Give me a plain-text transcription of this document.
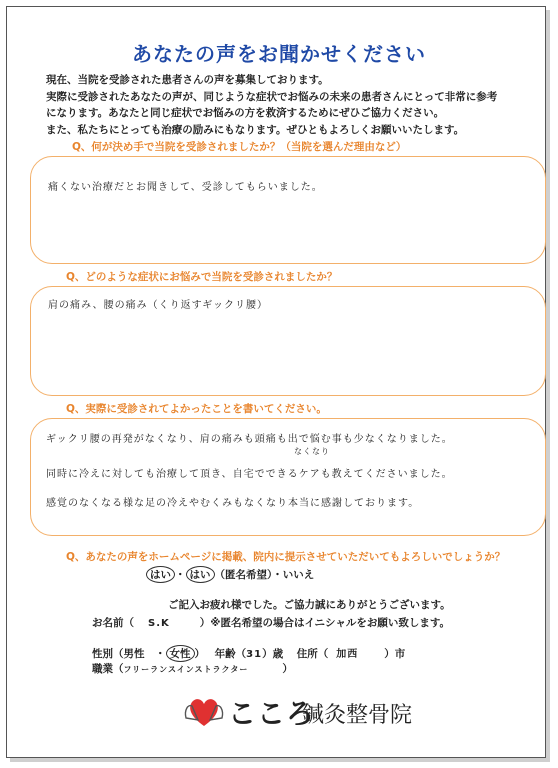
あなたの声をお聞かせください
現在、当院を受診された患者さんの声を募集しております。
実際に受診されたあなたの声が、同じような症状でお悩みの未来の患者さんにとって非常に参考
になります。あなたと同じ症状でお悩みの方を救済するためにぜひご協力ください。
また、私たちにとっても治療の励みにもなります。ぜひともよろしくお願いいたします。
Q、何が決め手で当院を受診されましたか？（当院を選んだ理由など）
痛くない治療だとお聞きして、受診してもらいました。
Q、どのような症状にお悩みで当院を受診されましたか？
肩の痛み、腰の痛み（くり返すギックリ腰）
Q、実際に受診されてよかったことを書いてください。
ギックリ腰の再発がなくなり、肩の痛みも頭痛も出で悩む事も少なくなりました。
なくなり
同時に冷えに対しても治療して頂き、自宅でできるケアも教えてくださいました。
感覚のなくなる様な足の冷えやむくみもなくなり本当に感謝しております。
Q、あなたの声をホームページに掲載、院内に提示させていただいてもよろしいでしょうか？
はい ・ はい （匿名希望）・いいえ
ご記入お疲れ様でした。ご協力誠にありがとうございます。
お名前（ S.K	）※匿名希望の場合はイニシャルをお願い致します。
性別（男性　・ 女性 ） 年齢（31）歳 住所（ 加西 ）市
職業（フリーランスインストラクター	）
こころ
鍼灸整骨院
